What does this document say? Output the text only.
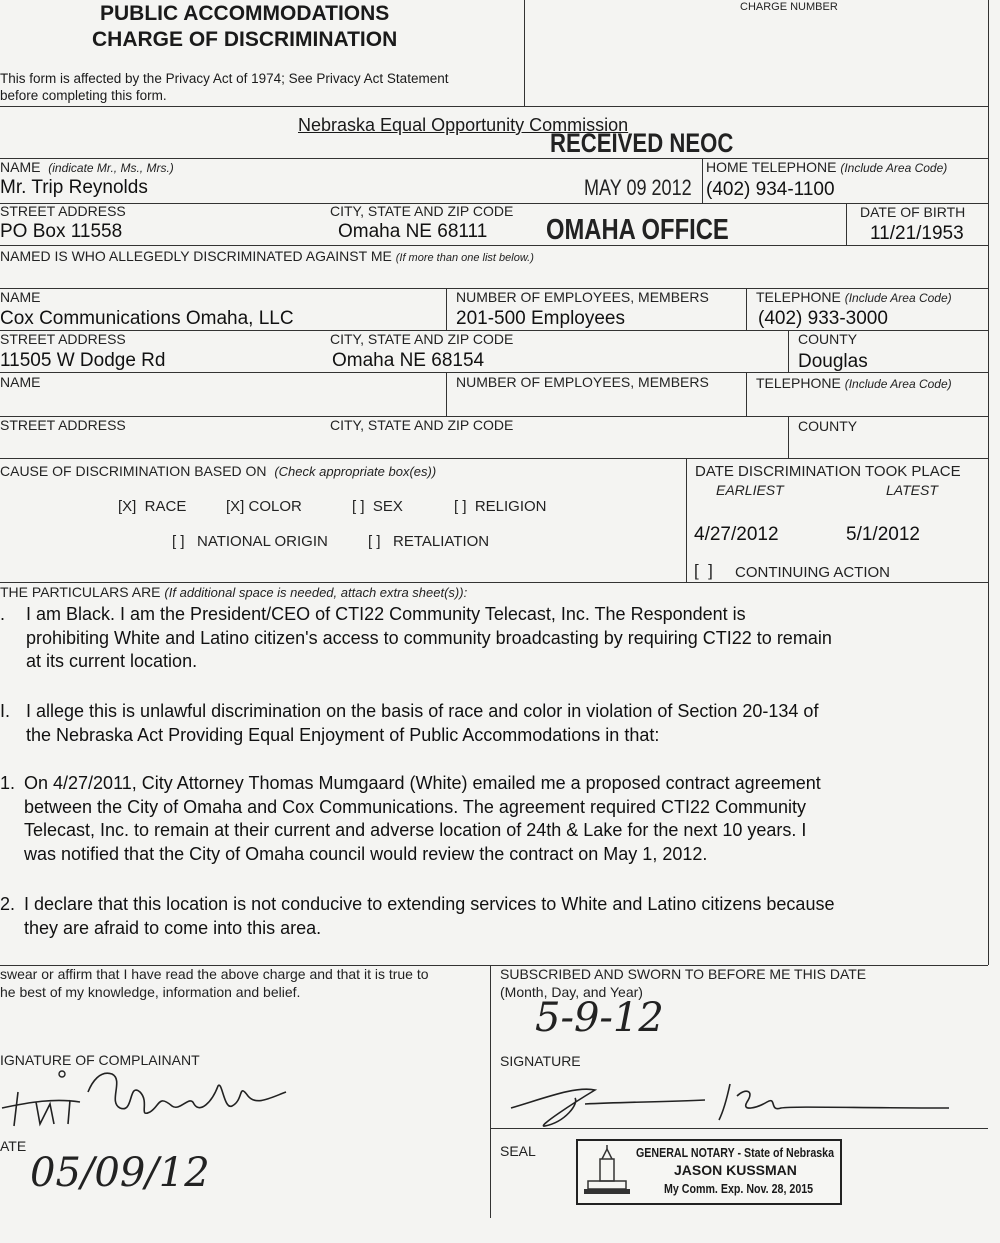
PUBLIC ACCOMMODATIONS
CHARGE OF DISCRIMINATION
This form is affected by the Privacy Act of 1974; See Privacy Act Statement
before completing this form.
CHARGE NUMBER
Nebraska Equal Opportunity Commission
RECEIVED NEOC
MAY 09 2012
OMAHA OFFICE
NAME (indicate Mr., Ms., Mrs.)
Mr. Trip Reynolds
HOME TELEPHONE (Include Area Code)
(402) 934-1100
STREET ADDRESS
PO Box 11558
CITY, STATE AND ZIP CODE
Omaha NE 68111
DATE OF BIRTH
11/21/1953
NAMED IS WHO ALLEGEDLY DISCRIMINATED AGAINST ME (If more than one list below.)
NAME
Cox Communications Omaha, LLC
NUMBER OF EMPLOYEES, MEMBERS
201-500 Employees
TELEPHONE (Include Area Code)
(402) 933-3000
STREET ADDRESS
11505 W Dodge Rd
CITY, STATE AND ZIP CODE
Omaha NE 68154
COUNTY
Douglas
NAME	NUMBER OF EMPLOYEES, MEMBERS	TELEPHONE (Include Area Code)
STREET ADDRESS	CITY, STATE AND ZIP CODE	COUNTY
CAUSE OF DISCRIMINATION BASED ON (Check appropriate box(es))
[X]  RACE	[X] COLOR	[ ]  SEX	[ ]  RELIGION
[ ]   NATIONAL ORIGIN	[ ]   RETALIATION
DATE DISCRIMINATION TOOK PLACE
EARLIEST	LATEST
4/27/2012	5/1/2012
[  ] CONTINUING ACTION
THE PARTICULARS ARE (If additional space is needed, attach extra sheet(s)):
. I am Black. I am the President/CEO of CTI22 Community Telecast, Inc. The Respondent is
prohibiting White and Latino citizen's access to community broadcasting by requiring CTI22 to remain
at its current location.
I. I allege this is unlawful discrimination on the basis of race and color in violation of Section 20-134 of
the Nebraska Act Providing Equal Enjoyment of Public Accommodations in that:
1. On 4/27/2011, City Attorney Thomas Mumgaard (White) emailed me a proposed contract agreement
between the City of Omaha and Cox Communications. The agreement required CTI22 Community
Telecast, Inc. to remain at their current and adverse location of 24th & Lake for the next 10 years. I
was notified that the City of Omaha council would review the contract on May 1, 2012.
2. I declare that this location is not conducive to extending services to White and Latino citizens because
they are afraid to come into this area.
swear or affirm that I have read the above charge and that it is true to
he best of my knowledge, information and belief.
IGNATURE OF COMPLAINANT
ATE
05/09/12
SUBSCRIBED AND SWORN TO BEFORE ME THIS DATE
(Month, Day, and Year)
5-9-12
SIGNATURE
SEAL	GENERAL NOTARY - State of Nebraska
JASON KUSSMAN
My Comm. Exp. Nov. 28, 2015
